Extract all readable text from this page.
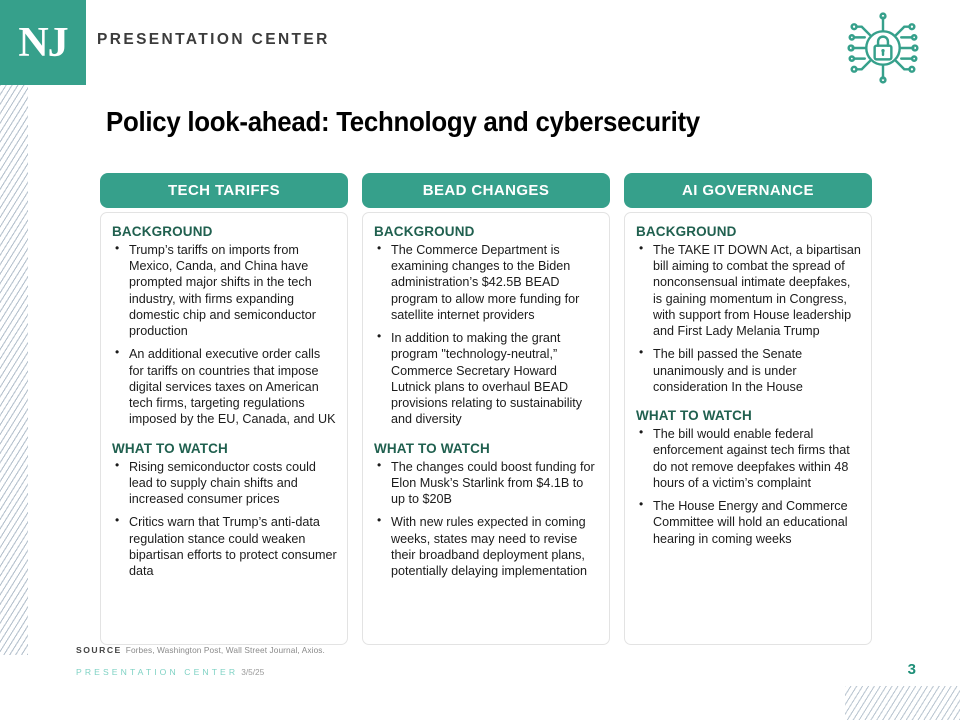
NJ PRESENTATION CENTER
Policy look-ahead: Technology and cybersecurity
TECH TARIFFS
BACKGROUND
• Trump’s tariffs on imports from Mexico, Canda, and China have prompted major shifts in the tech industry, with firms expanding domestic chip and semiconductor production
• An additional executive order calls for tariffs on countries that impose digital services taxes on American tech firms, targeting regulations imposed by the EU, Canada, and UK
WHAT TO WATCH
• Rising semiconductor costs could lead to supply chain shifts and increased consumer prices
• Critics warn that Trump’s anti-data regulation stance could weaken bipartisan efforts to protect consumer data
BEAD CHANGES
BACKGROUND
• The Commerce Department is examining changes to the Biden administration’s $42.5B BEAD program to allow more funding for satellite internet providers
• In addition to making the grant program "technology-neutral,” Commerce Secretary Howard Lutnick plans to overhaul BEAD provisions relating to sustainability and diversity
WHAT TO WATCH
• The changes could boost funding for Elon Musk’s Starlink from $4.1B to up to $20B
• With new rules expected in coming weeks, states may need to revise their broadband deployment plans, potentially delaying implementation
AI GOVERNANCE
BACKGROUND
• The TAKE IT DOWN Act, a bipartisan bill aiming to combat the spread of nonconsensual intimate deepfakes, is gaining momentum in Congress, with support from House leadership and First Lady Melania Trump
• The bill passed the Senate unanimously and is under consideration In the House
WHAT TO WATCH
• The bill would enable federal enforcement against tech firms that do not remove deepfakes within 48 hours of a victim’s complaint
• The House Energy and Commerce Committee will hold an educational hearing in coming weeks
SOURCE Forbes, Washington Post, Wall Street Journal, Axios.
PRESENTATION CENTER 3/5/25	3
